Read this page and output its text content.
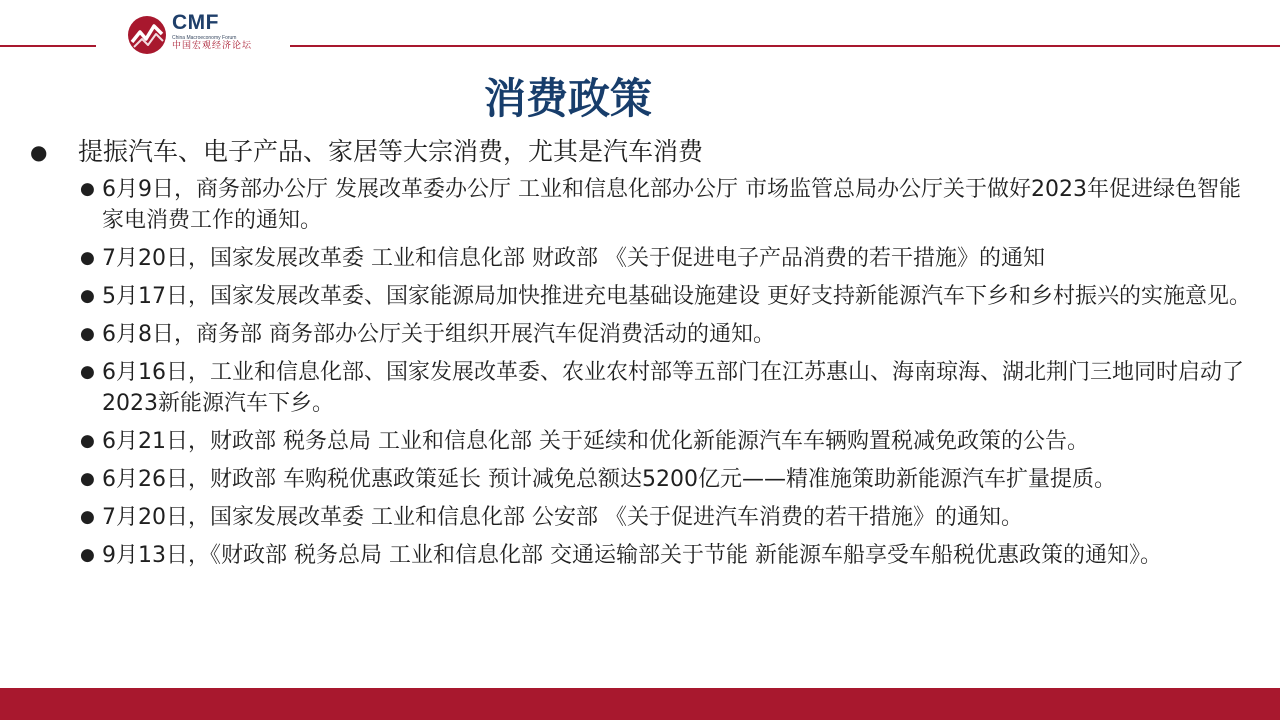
CMF
China Macroeconomy Forum
中国宏观经济论坛
消费政策
●	提振汽车、电子产品、家居等大宗消费，尤其是汽车消费
● 6月9日，商务部办公厅 发展改革委办公厅 工业和信息化部办公厅 市场监管总局办公厅关于做好2023年促进绿色智能家电消费工作的通知。
● 7月20日，国家发展改革委 工业和信息化部 财政部 《关于促进电子产品消费的若干措施》的通知
● 5月17日，国家发展改革委、国家能源局加快推进充电基础设施建设 更好支持新能源汽车下乡和乡村振兴的实施意见。
● 6月8日，商务部 商务部办公厅关于组织开展汽车促消费活动的通知。
● 6月16日，工业和信息化部、国家发展改革委、农业农村部等五部门在江苏惠山、海南琼海、湖北荆门三地同时启动了2023新能源汽车下乡。
● 6月21日，财政部 税务总局 工业和信息化部 关于延续和优化新能源汽车车辆购置税减免政策的公告。
● 6月26日，财政部 车购税优惠政策延长 预计减免总额达5200亿元——精准施策助新能源汽车扩量提质。
● 7月20日，国家发展改革委 工业和信息化部 公安部 《关于促进汽车消费的若干措施》的通知。
● 9月13日，《财政部 税务总局 工业和信息化部 交通运输部关于节能 新能源车船享受车船税优惠政策的通知》。
